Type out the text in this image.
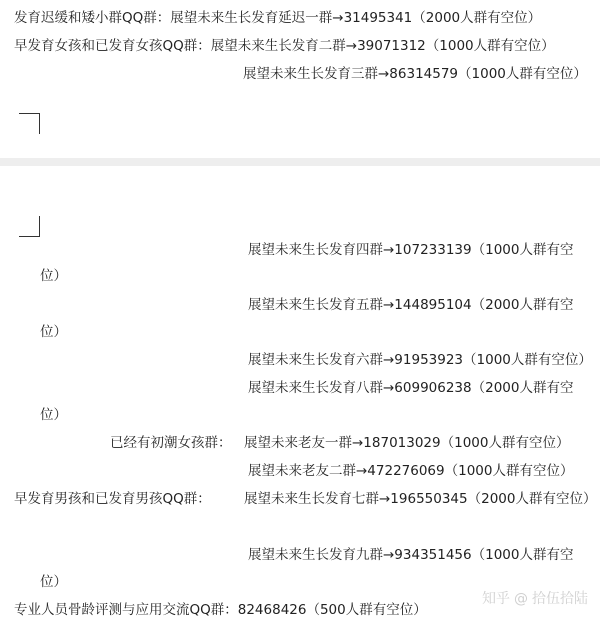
发育迟缓和矮小群QQ群：展望未来生长发育延迟一群→31495341（2000人群有空位）
早发育女孩和已发育女孩QQ群：展望未来生长发育二群→39071312（1000人群有空位）
展望未来生长发育三群→86314579（1000人群有空位）
展望未来生长发育四群→107233139（1000人群有空
位）
展望未来生长发育五群→144895104（2000人群有空
位）
展望未来生长发育六群→91953923（1000人群有空位）
展望未来生长发育八群→609906238（2000人群有空
位）
已经有初潮女孩群： 展望未来老友一群→187013029（1000人群有空位）
展望未来老友二群→472276069（1000人群有空位）
早发育男孩和已发育男孩QQ群： 展望未来生长发育七群→196550345（2000人群有空位）
展望未来生长发育九群→934351456（1000人群有空
位）
专业人员骨龄评测与应用交流QQ群：82468426（500人群有空位）
知乎 @ 拾伍拾陆
